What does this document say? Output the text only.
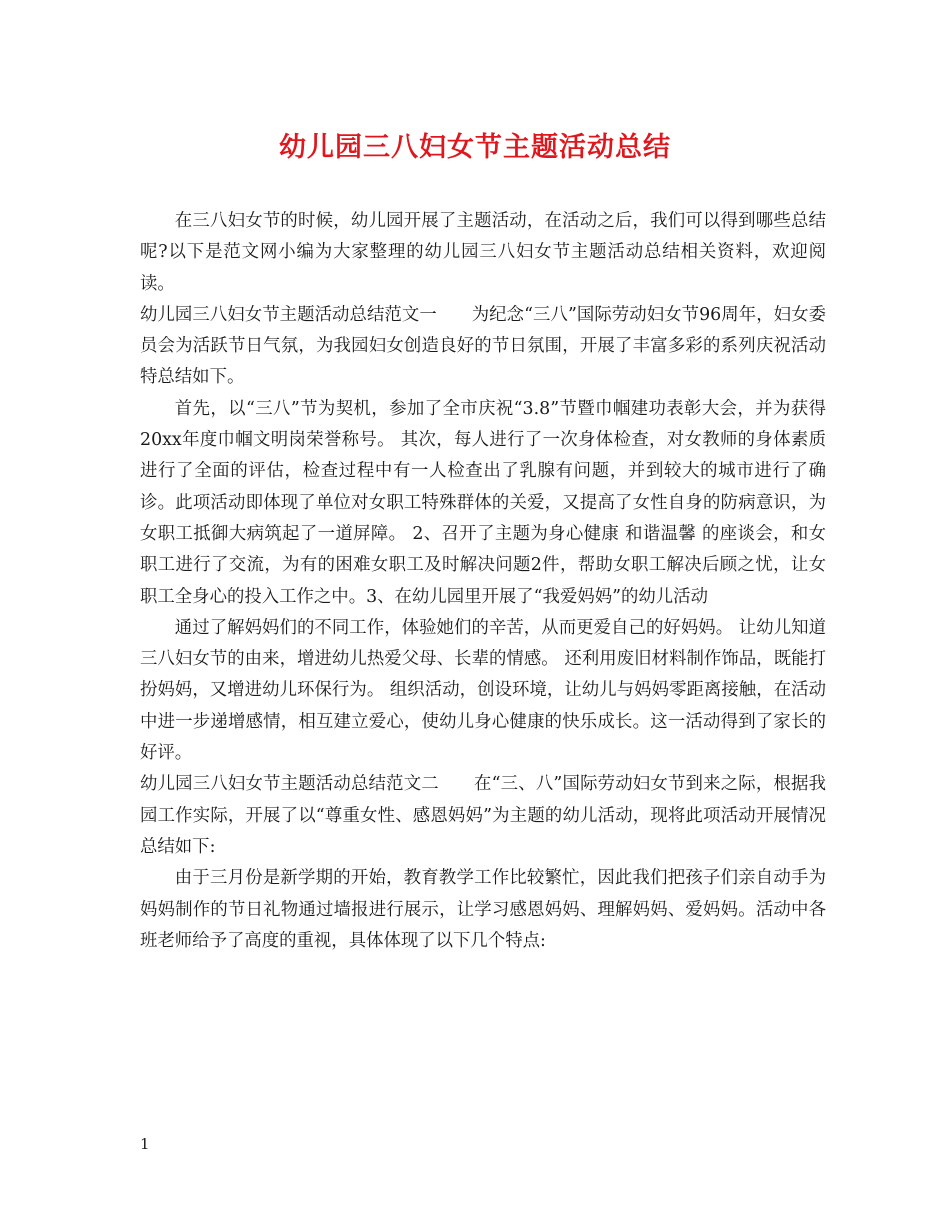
幼儿园三八妇女节主题活动总结

在三八妇女节的时候，幼儿园开展了主题活动，在活动之后，我们可以得到哪些总结呢?以下是范文网小编为大家整理的幼儿园三八妇女节主题活动总结相关资料，欢迎阅读。

幼儿园三八妇女节主题活动总结范文一　　为纪念“三八”国际劳动妇女节96周年，妇女委员会为活跃节日气氛，为我园妇女创造良好的节日氛围，开展了丰富多彩的系列庆祝活动特总结如下。

首先，以“三八”节为契机，参加了全市庆祝“3.8”节暨巾帼建功表彰大会，并为获得20xx年度巾帼文明岗荣誉称号。 其次，每人进行了一次身体检查，对女教师的身体素质进行了全面的评估，检查过程中有一人检查出了乳腺有问题，并到较大的城市进行了确诊。此项活动即体现了单位对女职工特殊群体的关爱，又提高了女性自身的防病意识，为女职工抵御大病筑起了一道屏障。 2、召开了主题为身心健康 和谐温馨 的座谈会，和女职工进行了交流，为有的困难女职工及时解决问题2件，帮助女职工解决后顾之忧，让女职工全身心的投入工作之中。3、在幼儿园里开展了“我爱妈妈”的幼儿活动

通过了解妈妈们的不同工作，体验她们的辛苦，从而更爱自己的好妈妈。 让幼儿知道三八妇女节的由来，增进幼儿热爱父母、长辈的情感。 还利用废旧材料制作饰品，既能打扮妈妈，又增进幼儿环保行为。 组织活动，创设环境，让幼儿与妈妈零距离接触，在活动中进一步递增感情，相互建立爱心，使幼儿身心健康的快乐成长。这一活动得到了家长的好评。

幼儿园三八妇女节主题活动总结范文二　　在“三、八”国际劳动妇女节到来之际，根据我园工作实际，开展了以“尊重女性、感恩妈妈”为主题的幼儿活动，现将此项活动开展情况总结如下:

由于三月份是新学期的开始，教育教学工作比较繁忙，因此我们把孩子们亲自动手为妈妈制作的节日礼物通过墙报进行展示，让学习感恩妈妈、理解妈妈、爱妈妈。活动中各班老师给予了高度的重视，具体体现了以下几个特点:

1
